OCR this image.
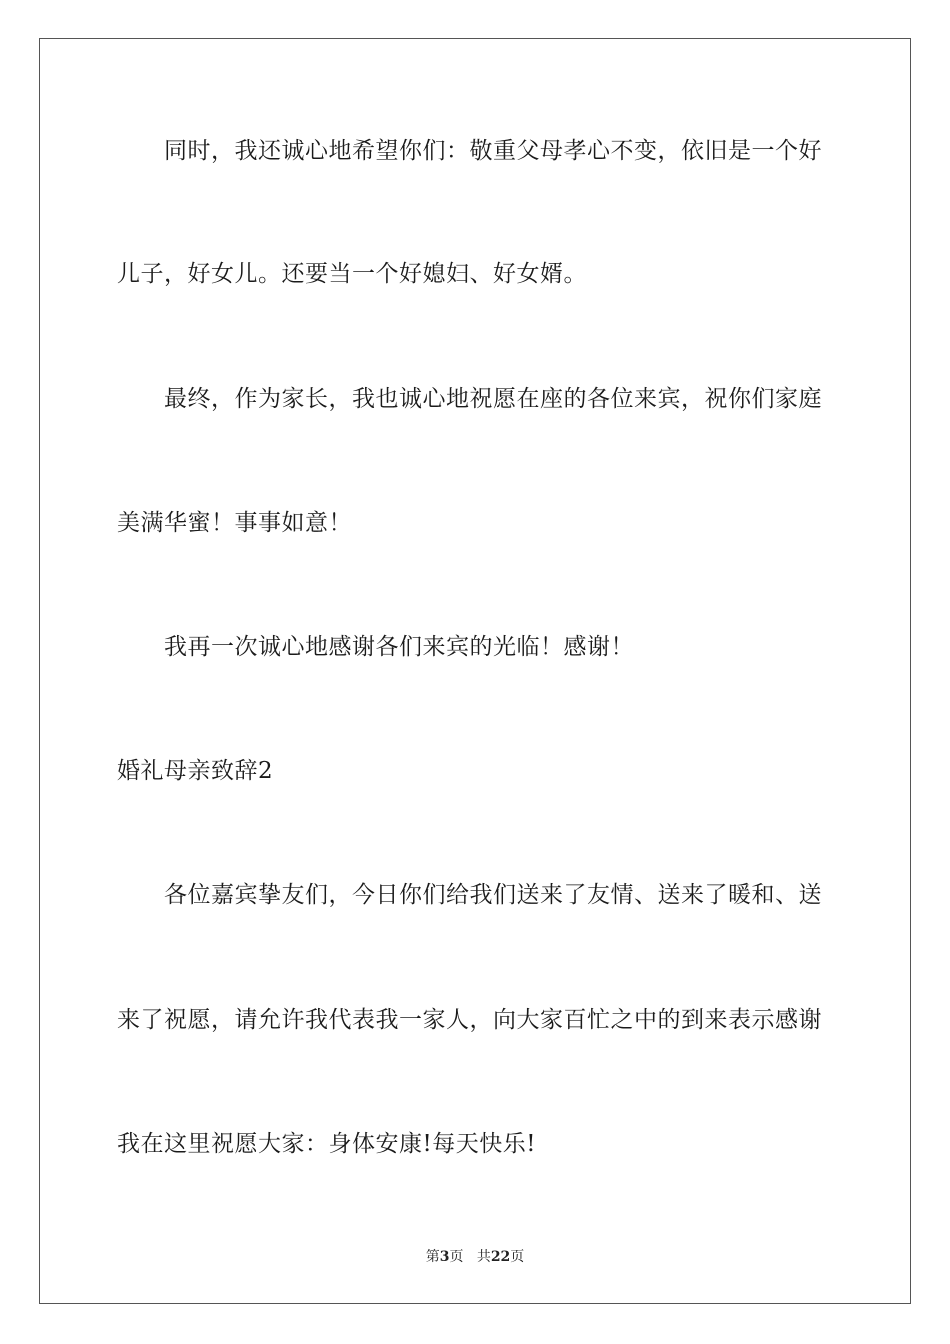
同时，我还诚心地希望你们：敬重父母孝心不变，依旧是一个好
儿子，好女儿。还要当一个好媳妇、好女婿。
最终，作为家长，我也诚心地祝愿在座的各位来宾，祝你们家庭
美满华蜜！事事如意！
我再一次诚心地感谢各们来宾的光临！感谢！
婚礼母亲致辞2
各位嘉宾挚友们，今日你们给我们送来了友情、送来了暖和、送
来了祝愿，请允许我代表我一家人，向大家百忙之中的到来表示感谢
我在这里祝愿大家：身体安康!每天快乐!
第3页 共22页
